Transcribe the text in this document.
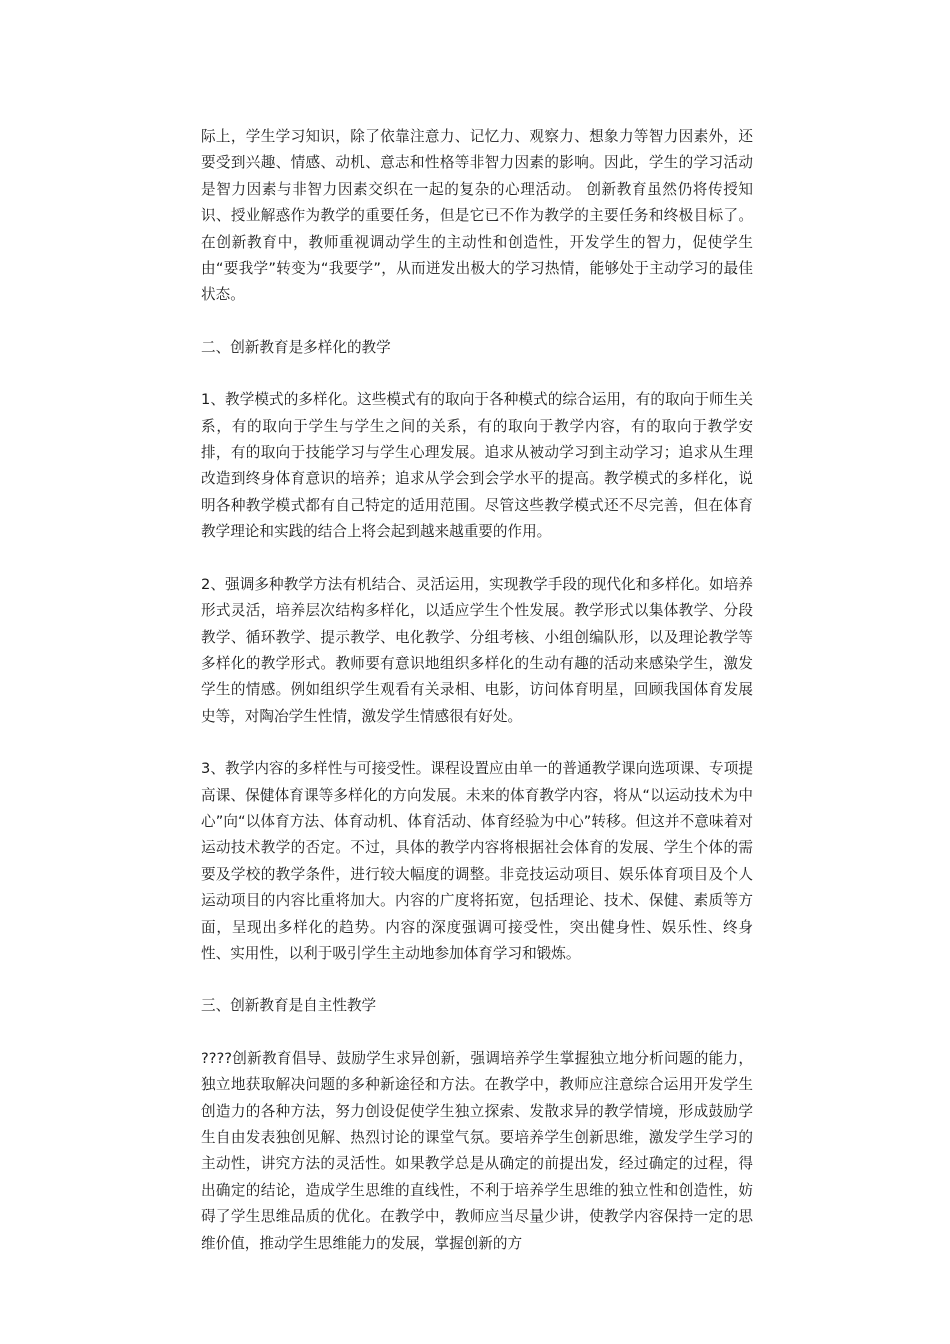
际上，学生学习知识，除了依靠注意力、记忆力、观察力、想象力等智力因素外，还要受到兴趣、情感、动机、意志和性格等非智力因素的影响。因此，学生的学习活动是智力因素与非智力因素交织在一起的复杂的心理活动。 创新教育虽然仍将传授知识、授业解惑作为教学的重要任务，但是它已不作为教学的主要任务和终极目标了。在创新教育中，教师重视调动学生的主动性和创造性，开发学生的智力，促使学生由“要我学”转变为“我要学”，从而迸发出极大的学习热情，能够处于主动学习的最佳状态。

二、创新教育是多样化的教学

1、教学模式的多样化。这些模式有的取向于各种模式的综合运用，有的取向于师生关系，有的取向于学生与学生之间的关系，有的取向于教学内容，有的取向于教学安排，有的取向于技能学习与学生心理发展。追求从被动学习到主动学习；追求从生理改造到终身体育意识的培养；追求从学会到会学水平的提高。教学模式的多样化，说明各种教学模式都有自己特定的适用范围。尽管这些教学模式还不尽完善，但在体育教学理论和实践的结合上将会起到越来越重要的作用。

2、强调多种教学方法有机结合、灵活运用，实现教学手段的现代化和多样化。如培养形式灵活，培养层次结构多样化，以适应学生个性发展。教学形式以集体教学、分段教学、循环教学、提示教学、电化教学、分组考核、小组创编队形，以及理论教学等多样化的教学形式。教师要有意识地组织多样化的生动有趣的活动来感染学生，激发学生的情感。例如组织学生观看有关录相、电影，访问体育明星，回顾我国体育发展史等，对陶冶学生性情，激发学生情感很有好处。

3、教学内容的多样性与可接受性。课程设置应由单一的普通教学课向选项课、专项提高课、保健体育课等多样化的方向发展。未来的体育教学内容，将从“以运动技术为中心”向“以体育方法、体育动机、体育活动、体育经验为中心”转移。但这并不意味着对运动技术教学的否定。不过，具体的教学内容将根据社会体育的发展、学生个体的需要及学校的教学条件，进行较大幅度的调整。非竞技运动项目、娱乐体育项目及个人运动项目的内容比重将加大。内容的广度将拓宽，包括理论、技术、保健、素质等方面，呈现出多样化的趋势。内容的深度强调可接受性，突出健身性、娱乐性、终身性、实用性，以利于吸引学生主动地参加体育学习和锻炼。

三、创新教育是自主性教学

????创新教育倡导、鼓励学生求异创新，强调培养学生掌握独立地分析问题的能力，独立地获取解决问题的多种新途径和方法。在教学中，教师应注意综合运用开发学生创造力的各种方法，努力创设促使学生独立探索、发散求异的教学情境，形成鼓励学生自由发表独创见解、热烈讨论的课堂气氛。要培养学生创新思维，激发学生学习的主动性，讲究方法的灵活性。如果教学总是从确定的前提出发，经过确定的过程，得出确定的结论，造成学生思维的直线性，不利于培养学生思维的独立性和创造性，妨碍了学生思维品质的优化。在教学中，教师应当尽量少讲，使教学内容保持一定的思维价值，推动学生思维能力的发展，掌握创新的方
